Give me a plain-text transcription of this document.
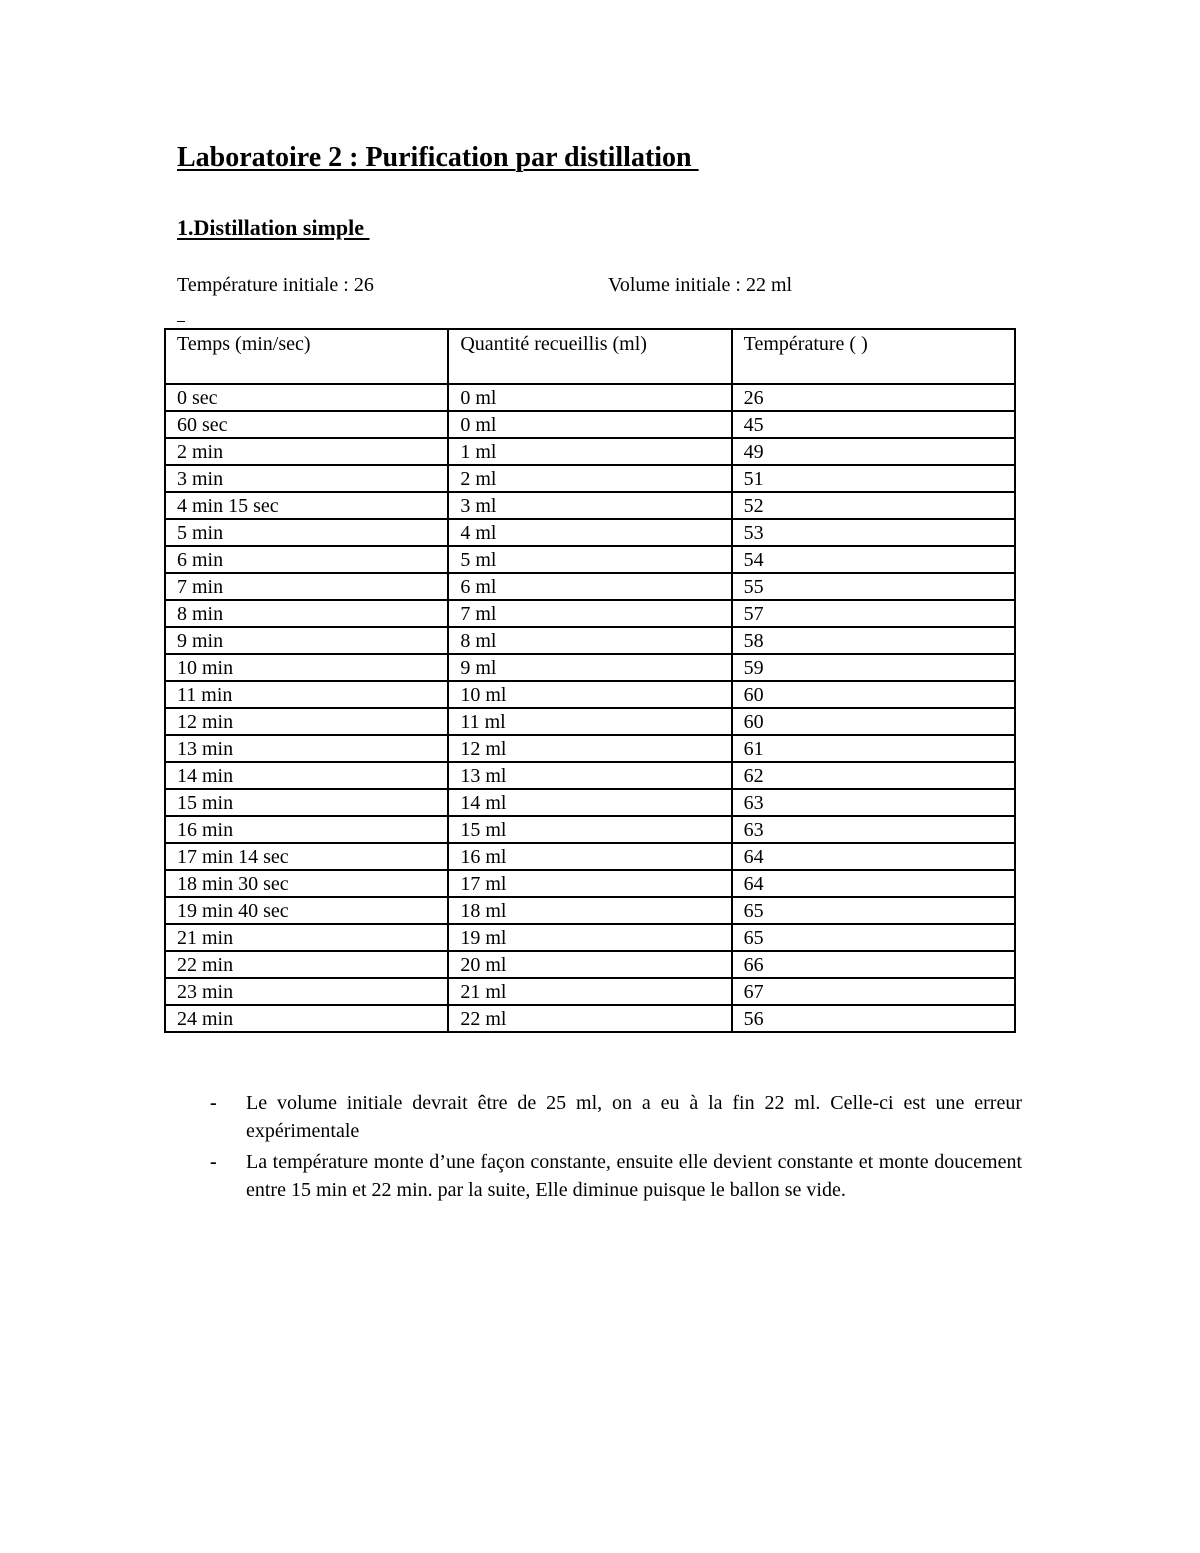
Laboratoire 2 : Purification par distillation
1.Distillation simple
Température initiale : 26	Volume initiale : 22 ml
Temps (min/sec)	Quantité recueillis (ml)	Température ( )
0 sec	0 ml	26
60 sec	0 ml	45
2 min	1 ml	49
3 min	2 ml	51
4 min 15 sec	3 ml	52
5 min	4 ml	53
6 min	5 ml	54
7 min	6 ml	55
8 min	7 ml	57
9 min	8 ml	58
10 min	9 ml	59
11 min	10 ml	60
12 min	11 ml	60
13 min	12 ml	61
14 min	13 ml	62
15 min	14 ml	63
16 min	15 ml	63
17 min 14 sec	16 ml	64
18 min 30 sec	17 ml	64
19 min 40 sec	18 ml	65
21 min	19 ml	65
22 min	20 ml	66
23 min	21 ml	67
24 min	22 ml	56
- Le volume initiale devrait être de 25 ml, on a eu à la fin 22 ml. Celle-ci est une erreur expérimentale
- La température monte d’une façon constante, ensuite elle devient constante et monte doucement entre 15 min et 22 min. par la suite, Elle diminue puisque le ballon se vide.
